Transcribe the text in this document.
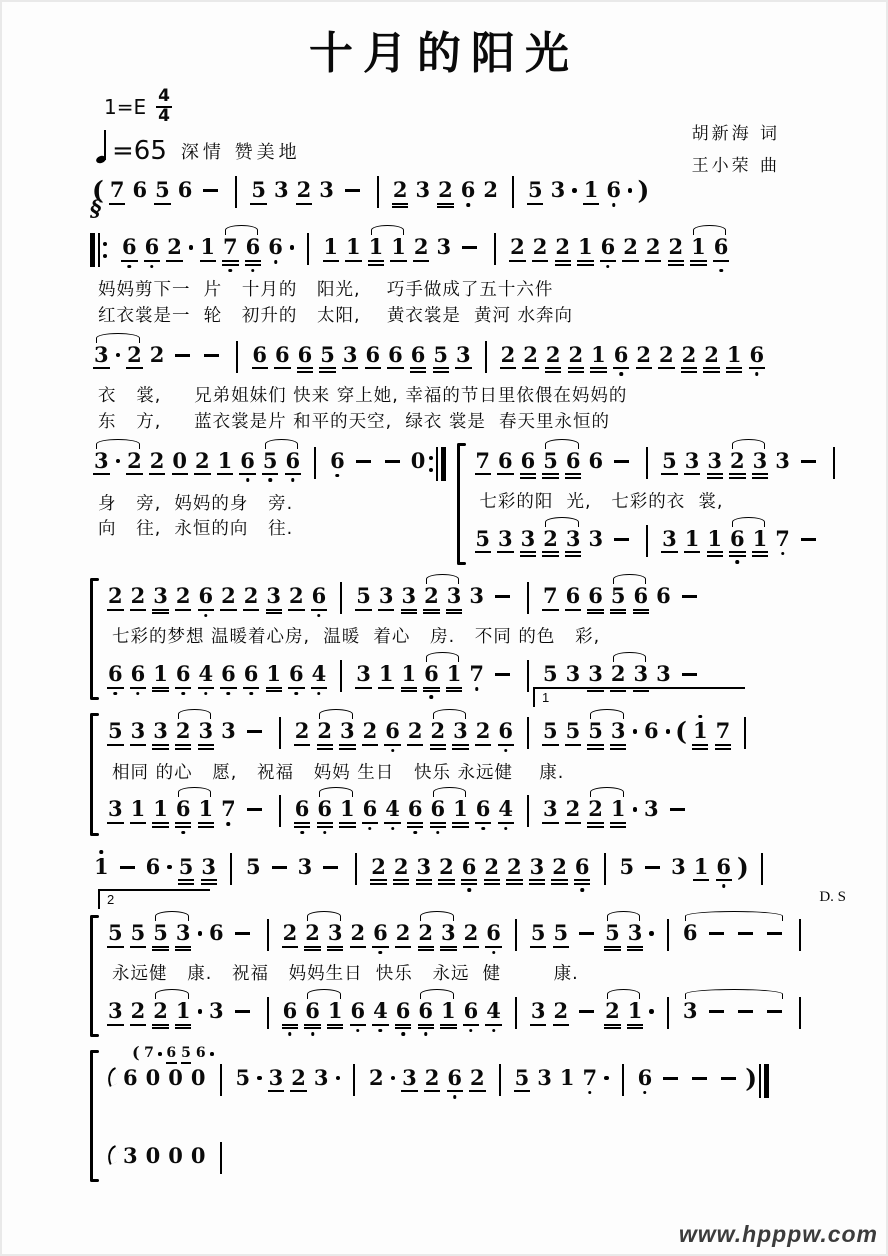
十月的阳光
$1=E \frac{4}{4}$
胡新海 词
王小荣 曲
=65 深情 赞美地
( 7 6 5 6	5 3 2 3	2 3 2 6 2 5 3 1 6 )
§
6 6 2 1 7 6 6 1 1 1 1 2 3	2 2 2 1 6 2 2 2 1 6
妈妈剪下一  片   十月的   阳光,    巧手做成了五十六件
红衣裳是一  轮   初升的   太阳,    黄衣裳是  黄河 水奔向
3 2 2	6 6 6 5 3 6 6 6 5 3 2 2 2 2 1 6 2 2 2 2 1 6
衣   裳,     兄弟姐妹们 快来 穿上她, 幸福的节日里依偎在妈妈的
东   方,     蓝衣裳是片 和平的天空,  绿衣 裳是  春天里永恒的
3 2 2 0 2 1 6 5 6 6	0
身   旁,  妈妈的身   旁.
向   往,  永恒的向   往.
7 6 6 5 6 6	5 3 3 2 3 3
七彩的阳  光,   七彩的衣  裳,
5 3 3 2 3 3	3 1 1 6 1 7
2 2 3 2 6 2 2 3 2 6 5 3 3 2 3 3	7 6 6 5 6 6
七彩的梦想 温暖着心房,  温暖  着心   房.   不同 的色   彩,
6 6 1 6 4 6 6 1 6 4 3 1 1 6 1 7	5 3 3 2 3 3
5 3 3 2 3 3	2 2 3 2 6 2 2 3 2 6
1
5 5 5 3 6 ( 1 7
相同 的心   愿,   祝福   妈妈 生日   快乐 永远健    康.
3 1 1 6 1 7	6 6 1 6 4 6 6 1 6 4 3 2 2 1 3
1 6 5 3 5 3	2 2 3 2 6 2 2 3 2 6 5 3 1 6 )
D. S
2
5 5 5 3 6	2 2 3 2 6 2 2 3 2 6 5 5 5 3 6
永远健   康.   祝福   妈妈生日  快乐   永远  健        康.
3 2 2 1 3	6 6 1 6 4 6 6 1 6 4 3 2 2 1 3
( 7 6 5 6
6 0 0 0 5 3 2 3 2 3 2 6 2 5 3 1 7 6	)
3 0 0 0
www.hpppw.com
